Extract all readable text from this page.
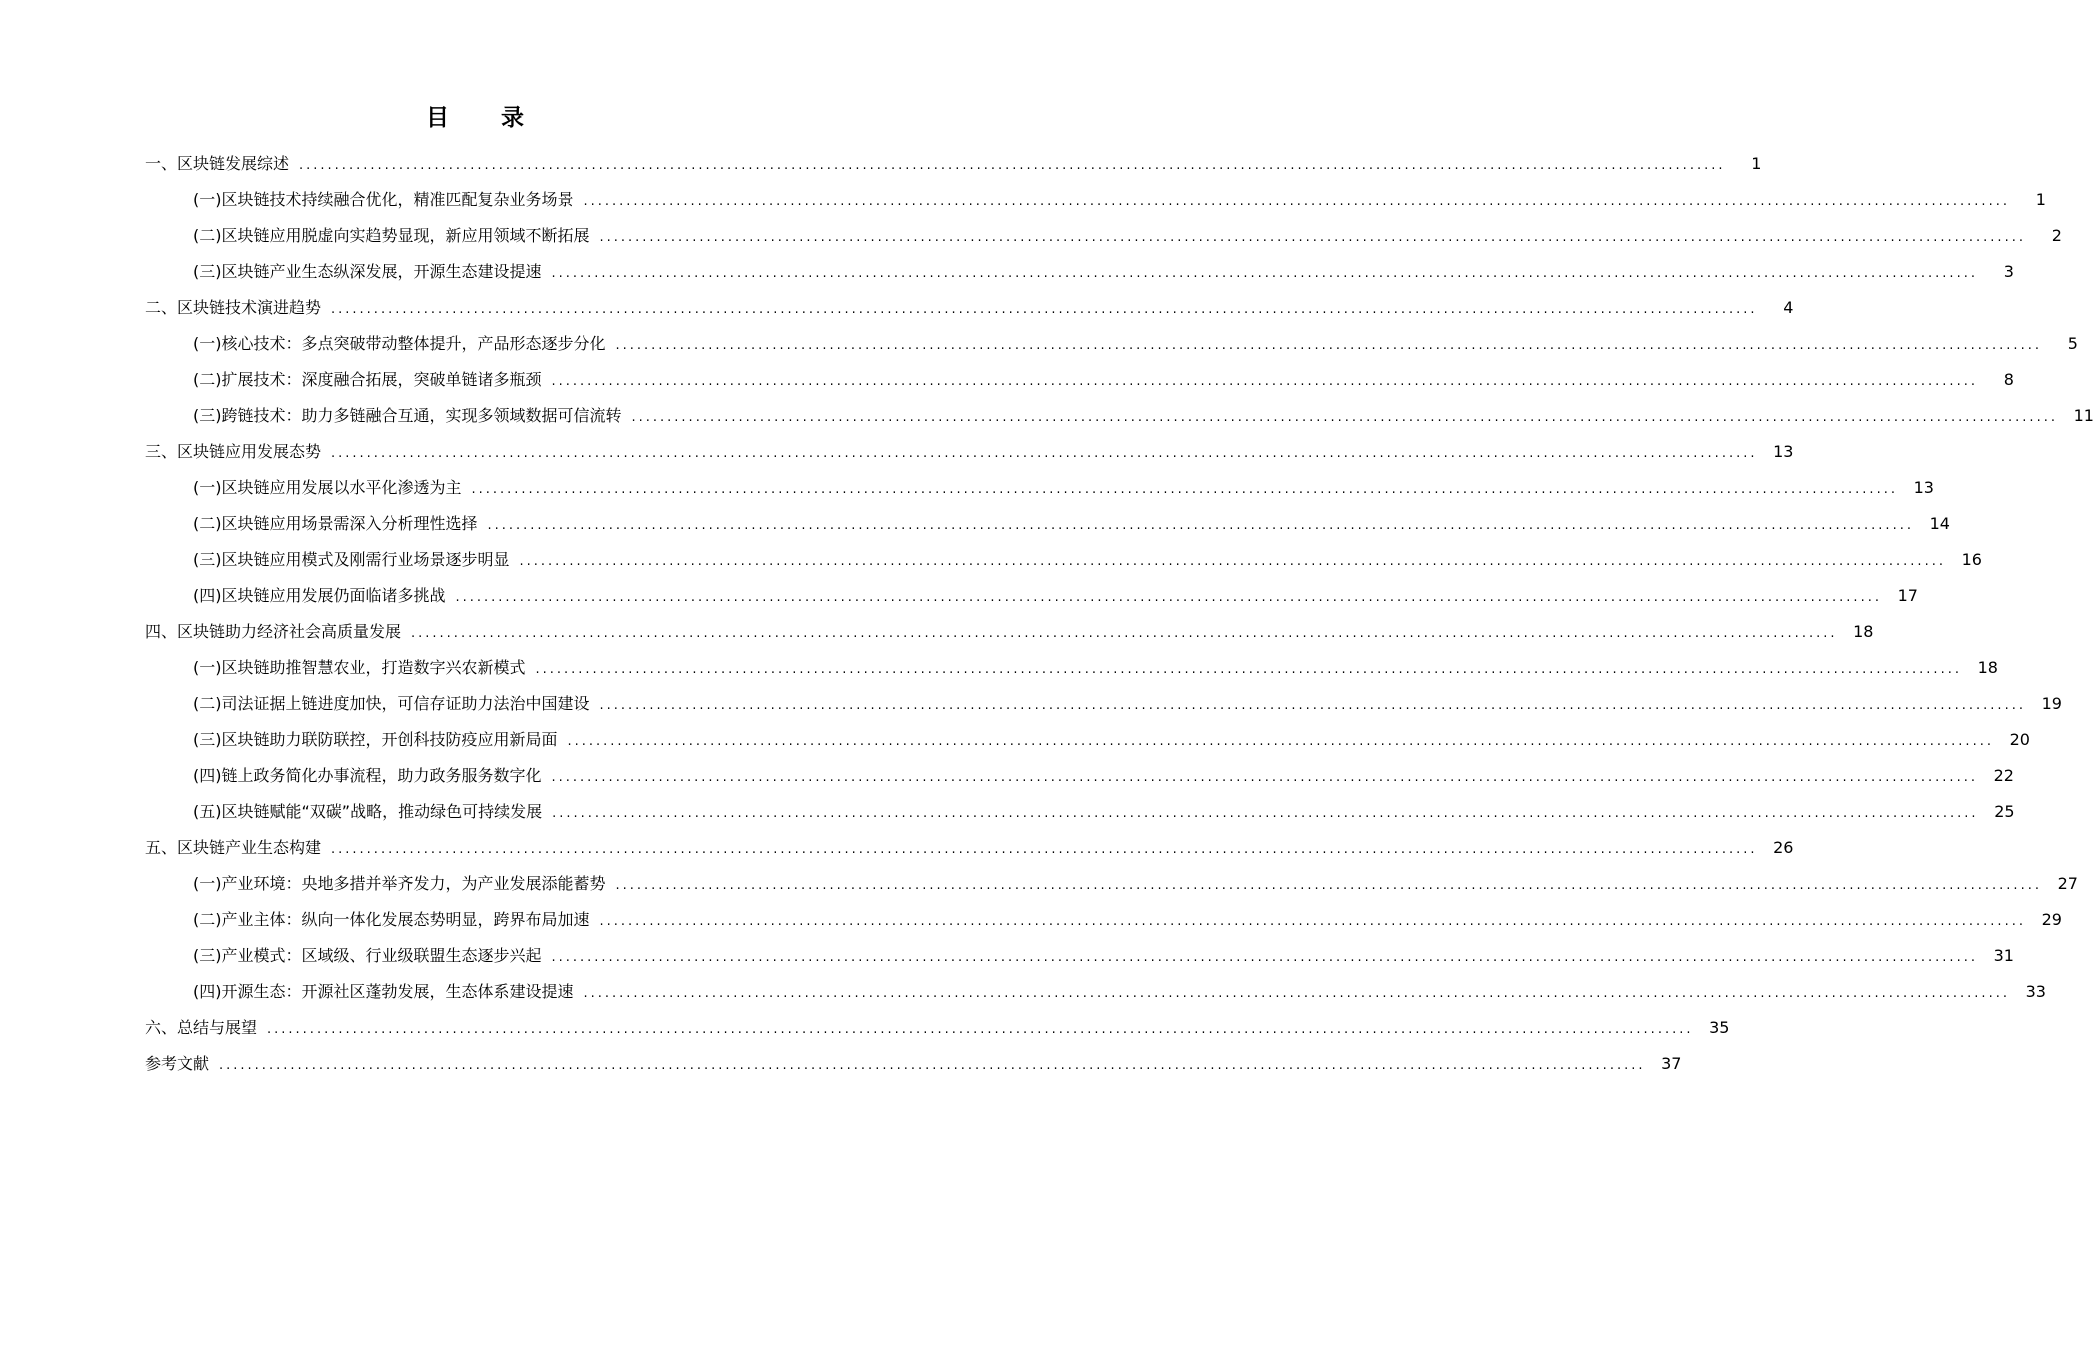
目 录
一、区块链发展综述 ........................................................................................................................................................................................................	1
(一)区块链技术持续融合优化，精准匹配复杂业务场景 ........................................................................................................................................................................................................	1
(二)区块链应用脱虚向实趋势显现，新应用领域不断拓展 ........................................................................................................................................................................................................	2
(三)区块链产业生态纵深发展，开源生态建设提速 ........................................................................................................................................................................................................	3
二、区块链技术演进趋势 ........................................................................................................................................................................................................	4
(一)核心技术：多点突破带动整体提升，产品形态逐步分化 ........................................................................................................................................................................................................	5
(二)扩展技术：深度融合拓展，突破单链诸多瓶颈 ........................................................................................................................................................................................................	8
(三)跨链技术：助力多链融合互通，实现多领域数据可信流转 ........................................................................................................................................................................................................ 11
三、区块链应用发展态势 ........................................................................................................................................................................................................ 13
(一)区块链应用发展以水平化渗透为主 ........................................................................................................................................................................................................ 13
(二)区块链应用场景需深入分析理性选择 ........................................................................................................................................................................................................ 14
(三)区块链应用模式及刚需行业场景逐步明显 ........................................................................................................................................................................................................ 16
(四)区块链应用发展仍面临诸多挑战 ........................................................................................................................................................................................................ 17
四、区块链助力经济社会高质量发展 ........................................................................................................................................................................................................ 18
(一)区块链助推智慧农业，打造数字兴农新模式 ........................................................................................................................................................................................................ 18
(二)司法证据上链进度加快，可信存证助力法治中国建设 ........................................................................................................................................................................................................ 19
(三)区块链助力联防联控，开创科技防疫应用新局面 ........................................................................................................................................................................................................ 20
(四)链上政务简化办事流程，助力政务服务数字化 ........................................................................................................................................................................................................ 22
(五)区块链赋能“双碳”战略，推动绿色可持续发展 ........................................................................................................................................................................................................ 25
五、区块链产业生态构建 ........................................................................................................................................................................................................ 26
(一)产业环境：央地多措并举齐发力，为产业发展添能蓄势 ........................................................................................................................................................................................................ 27
(二)产业主体：纵向一体化发展态势明显，跨界布局加速 ........................................................................................................................................................................................................ 29
(三)产业模式：区域级、行业级联盟生态逐步兴起 ........................................................................................................................................................................................................ 31
(四)开源生态：开源社区蓬勃发展，生态体系建设提速 ........................................................................................................................................................................................................ 33
六、总结与展望 ........................................................................................................................................................................................................ 35
参考文献 ........................................................................................................................................................................................................ 37
